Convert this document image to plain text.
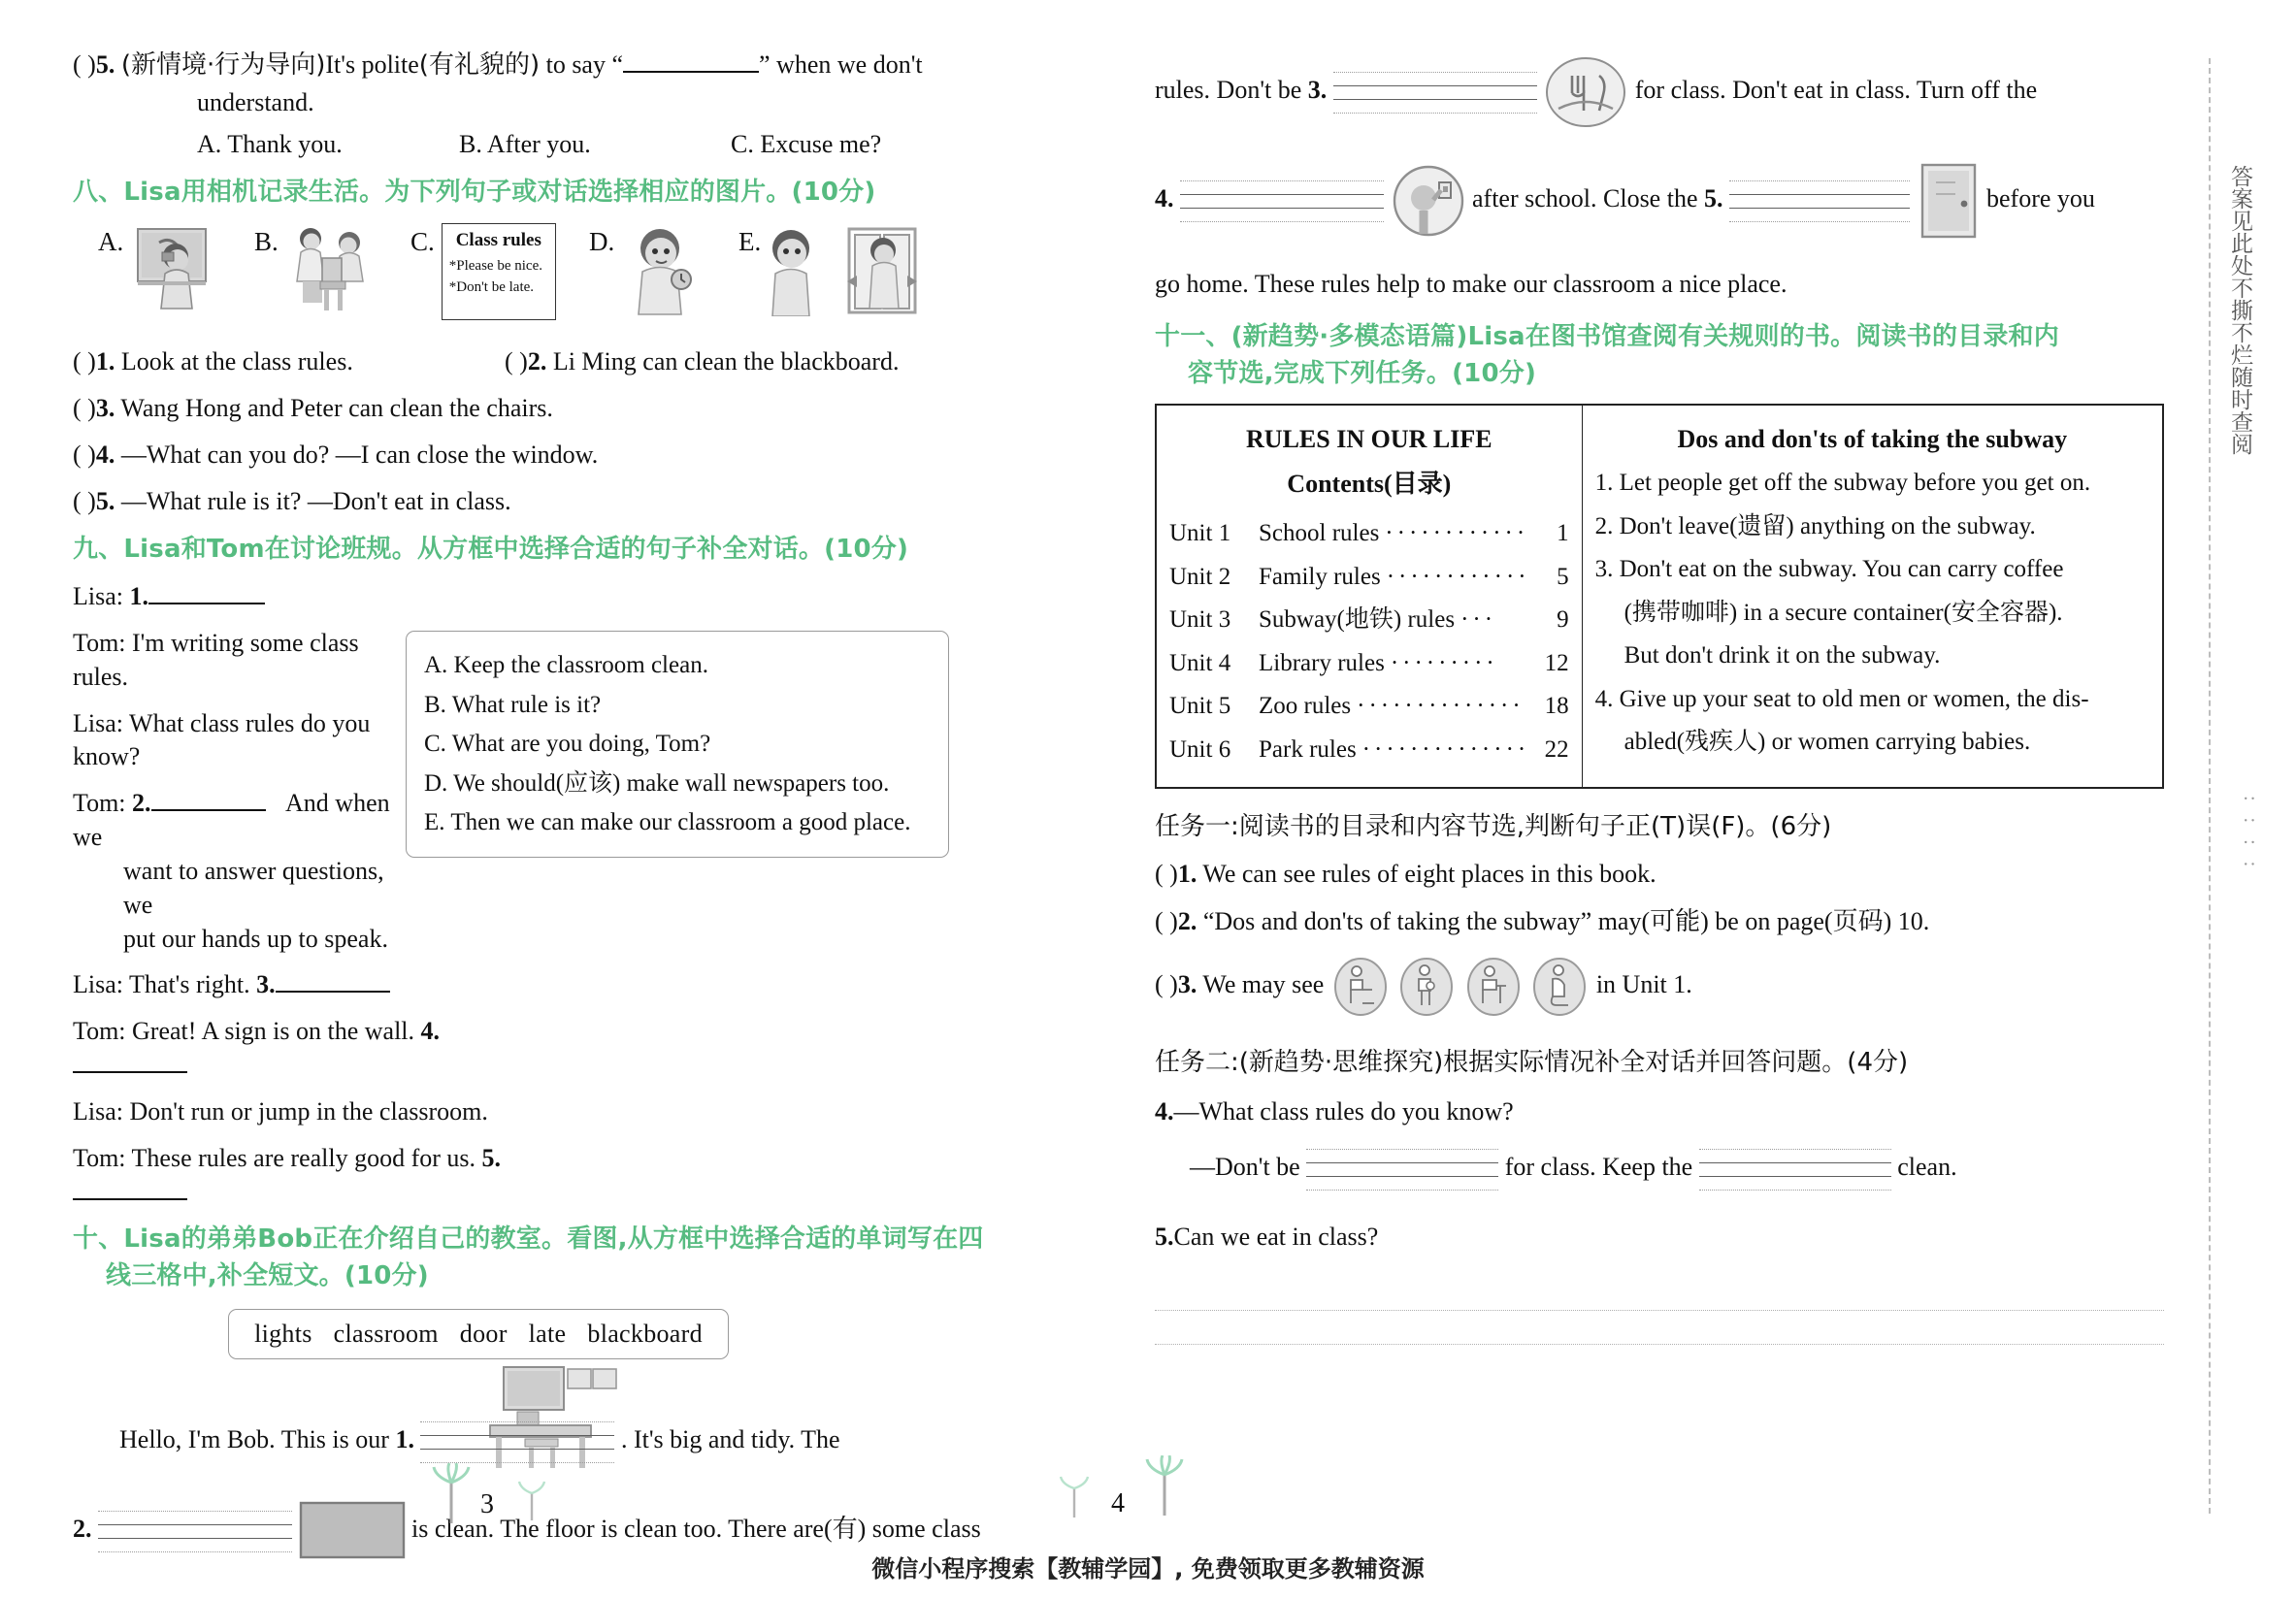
( )5. (新情境·行为导向)It's polite(有礼貌的) to say “	” when we don't
understand.
A. Thank you.	B. After you.	C. Excuse me?
八、Lisa用相机记录生活。为下列句子或对话选择相应的图片。(10分)
A.	B.	C.	Class rules
*Please be nice.
*Don't be late.
D.	E.
( )1. Look at the class rules.	( )2. Li Ming can clean the blackboard.
( )3. Wang Hong and Peter can clean the chairs.
( )4. —What can you do? —I can close the window.
( )5. —What rule is it? —Don't eat in class.
九、Lisa和Tom在讨论班规。从方框中选择合适的句子补全对话。(10分)
A. Keep the classroom clean.
B. What rule is it?
C. What are you doing, Tom?
D. We should(应该) make wall newspapers too.
E. Then we can make our classroom a good place.
Lisa: 1.
Tom: I'm writing some class rules.
Lisa: What class rules do you know?
Tom: 2.	And when we
want to answer questions, we
put our hands up to speak.
Lisa: That's right. 3.
Tom: Great! A sign is on the wall. 4.
Lisa: Don't run or jump in the classroom.
Tom: These rules are really good for us. 5.
十、Lisa的弟弟Bob正在介绍自己的教室。看图,从方框中选择合适的单词写在四
线三格中,补全短文。(10分)
lights classroom door late blackboard
Hello, I'm Bob. This is our 1.	. It's big and tidy. The
2.	is clean. The floor is clean too. There are(有) some class
3
rules. Don't be 3.	for class. Don't eat in class. Turn off the
4.	after school. Close the 5.	before you
go home. These rules help to make our classroom a nice place.
十一、(新趋势·多模态语篇)Lisa在图书馆查阅有关规则的书。阅读书的目录和内
容节选,完成下列任务。(10分)
RULES IN OUR LIFE
Contents(目录)
Unit 1	School rules ············	1
Unit 2	Family rules ············	5
Unit 3	Subway(地铁) rules ···	9
Unit 4	Library rules ·········	12
Unit 5	Zoo rules ·············· 18
Unit 6	Park rules ·············· 22

Dos and don'ts of taking the subway

1. Let people get off the subway before you get on.

2. Don't leave(遗留) anything on the subway.

3. Don't eat on the subway. You can carry coffee

(携带咖啡) in a secure container(安全容器).

But don't drink it on the subway.

4. Give up your seat to old men or women, the dis-

abled(残疾人) or women carrying babies.

任务一:阅读书的目录和内容节选,判断句子正(T)误(F)。(6分)
( )1. We can see rules of eight places in this book.
( )2. “Dos and don'ts of taking the subway” may(可能) be on page(页码) 10.
( )3. We may see	in Unit 1.
任务二:(新趋势·思维探究)根据实际情况补全对话并回答问题。(4分)
4.—What class rules do you know?
—Don't be	for class. Keep the	clean.
5.Can we eat in class?
4
答案见此处不撕不烂随时查阅
: : : :
微信小程序搜索【教辅学园】, 免费领取更多教辅资源
